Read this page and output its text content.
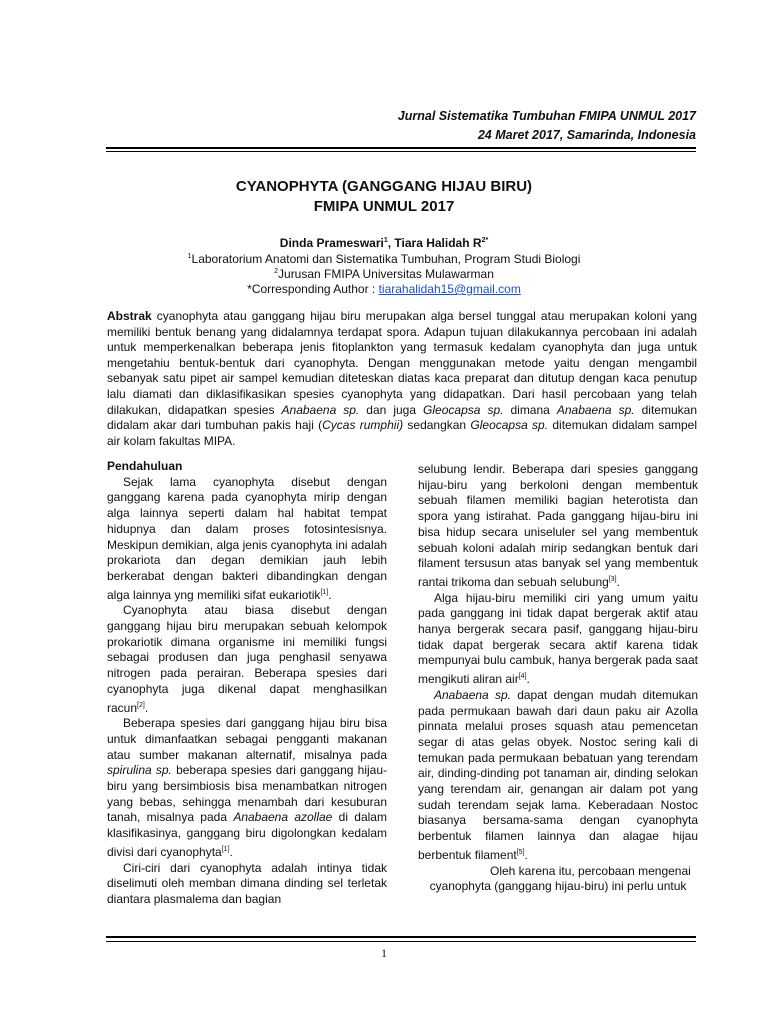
Jurnal Sistematika Tumbuhan FMIPA UNMUL 2017
24 Maret 2017, Samarinda, Indonesia
CYANOPHYTA (GANGGANG HIJAU BIRU)
FMIPA UNMUL 2017
Dinda Prameswari$^1$, Tiara Halidah $R^{2*}$
$^1$Laboratorium Anatomi dan Sistematika Tumbuhan, Program Studi Biologi
$^2$Jurusan FMIPA Universitas Mulawarman
*Corresponding Author : tiarahalidah15@gmail.com
Abstrak cyanophyta atau ganggang hijau biru merupakan alga bersel tunggal atau merupakan koloni yang memiliki bentuk benang yang didalamnya terdapat spora. Adapun tujuan dilakukannya percobaan ini adalah untuk memperkenalkan beberapa jenis fitoplankton yang termasuk kedalam cyanophyta dan juga untuk mengetahiu bentuk-bentuk dari cyanophyta. Dengan menggunakan metode yaitu dengan mengambil sebanyak satu pipet air sampel kemudian diteteskan diatas kaca preparat dan ditutup dengan kaca penutup lalu diamati dan diklasifikasikan spesies cyanophyta yang didapatkan. Dari hasil percobaan yang telah dilakukan, didapatkan spesies Anabaena sp. dan juga Gleocapsa sp. dimana Anabaena sp. ditemukan didalam akar dari tumbuhan pakis haji (Cycas rumphii) sedangkan Gleocapsa sp. ditemukan didalam sampel air kolam fakultas MIPA.

Pendahuluan

Sejak lama cyanophyta disebut dengan ganggang karena pada cyanophyta mirip dengan alga lainnya seperti dalam hal habitat tempat hidupnya dan dalam proses fotosintesisnya. Meskipun demikian, alga jenis cyanophyta ini adalah prokariota dan degan demikian jauh lebih berkerabat dengan bakteri dibandingkan dengan alga lainnya yng memiliki sifat eukariotik[1].

Cyanophyta atau biasa disebut dengan ganggang hijau biru merupakan sebuah kelompok prokariotik dimana organisme ini memiliki fungsi sebagai produsen dan juga penghasil senyawa nitrogen pada perairan. Beberapa spesies dari cyanophyta juga dikenal dapat menghasilkan racun[2].

Beberapa spesies dari ganggang hijau biru bisa untuk dimanfaatkan sebagai pengganti makanan atau sumber makanan alternatif, misalnya pada spirulina sp. beberapa spesies dari ganggang hijau-biru yang bersimbiosis bisa menambatkan nitrogen yang bebas, sehingga menambah dari kesuburan tanah, misalnya pada Anabaena azollae di dalam klasifikasinya, ganggang biru digolongkan kedalam divisi dari cyanophyta[1].

Ciri-ciri dari cyanophyta adalah intinya tidak diselimuti oleh memban dimana dinding sel terletak diantara plasmalema dan bagian

selubung lendir. Beberapa dari spesies ganggang hijau-biru yang berkoloni dengan membentuk sebuah filamen memiliki bagian heterotista dan spora yang istirahat. Pada ganggang hijau-biru ini bisa hidup secara uniseluler sel yang membentuk sebuah koloni adalah mirip sedangkan bentuk dari filament tersusun atas banyak sel yang membentuk rantai trikoma dan sebuah selubung[3].

Alga hijau-biru memiliki ciri yang umum yaitu pada ganggang ini tidak dapat bergerak aktif atau hanya bergerak secara pasif, ganggang hijau-biru tidak dapat bergerak secara aktif karena tidak mempunyai bulu cambuk, hanya bergerak pada saat mengikuti aliran air[4].

Anabaena sp. dapat dengan mudah ditemukan pada permukaan bawah dari daun paku air Azolla pinnata melalui proses squash atau pemencetan segar di atas gelas obyek. Nostoc sering kali di temukan pada permukaan bebatuan yang terendam air, dinding-dinding pot tanaman air, dinding selokan yang terendam air, genangan air dalam pot yang sudah terendam sejak lama. Keberadaan Nostoc biasanya bersama-sama dengan cyanophyta berbentuk filamen lainnya dan alagae hijau berbentuk filament[5].

Oleh karena itu, percobaan mengenai

cyanophyta (ganggang hijau-biru) ini perlu untuk

1
